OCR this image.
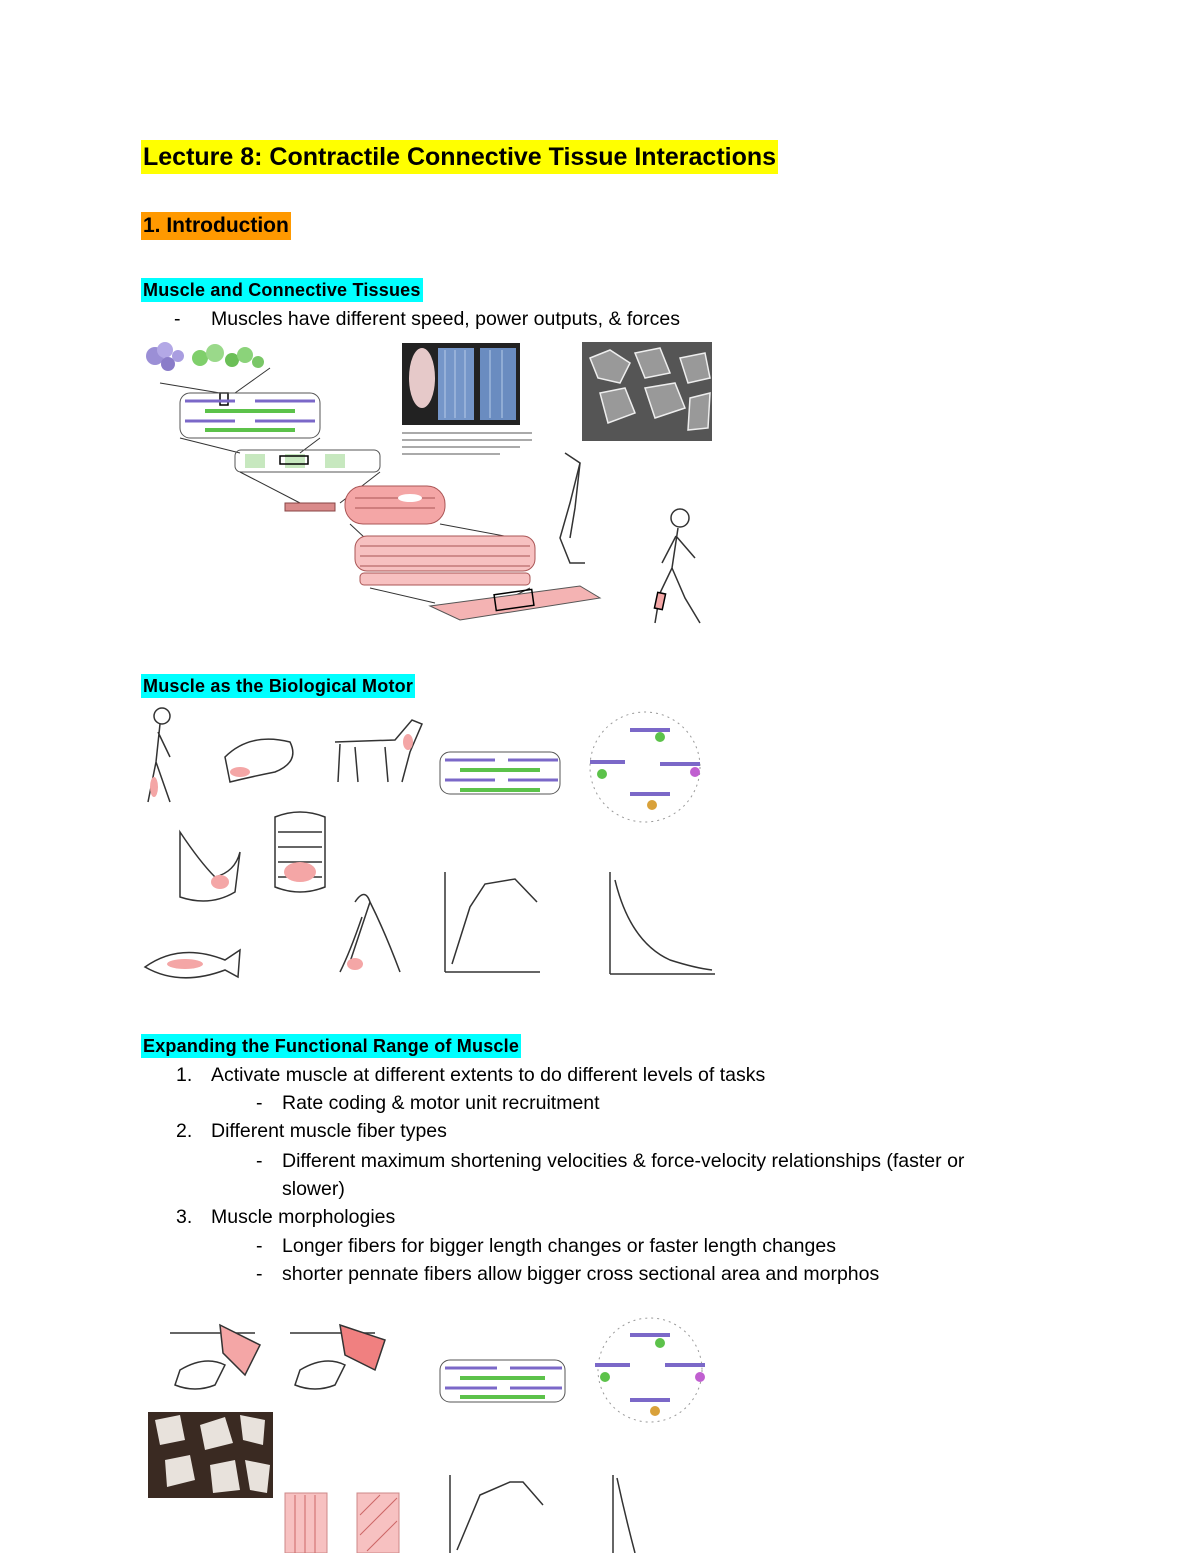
Lecture 8: Contractile Connective Tissue Interactions
1. Introduction
Muscle and Connective Tissues
- Muscles have different speed, power outputs, & forces
Muscle as the Biological Motor
Expanding the Functional Range of Muscle
1. Activate muscle at different extents to do different levels of tasks
- Rate coding & motor unit recruitment
2. Different muscle fiber types
- Different maximum shortening velocities & force-velocity relationships (faster or
slower)
3. Muscle morphologies
- Longer fibers for bigger length changes or faster length changes
- shorter pennate fibers allow bigger cross sectional area and morphos
